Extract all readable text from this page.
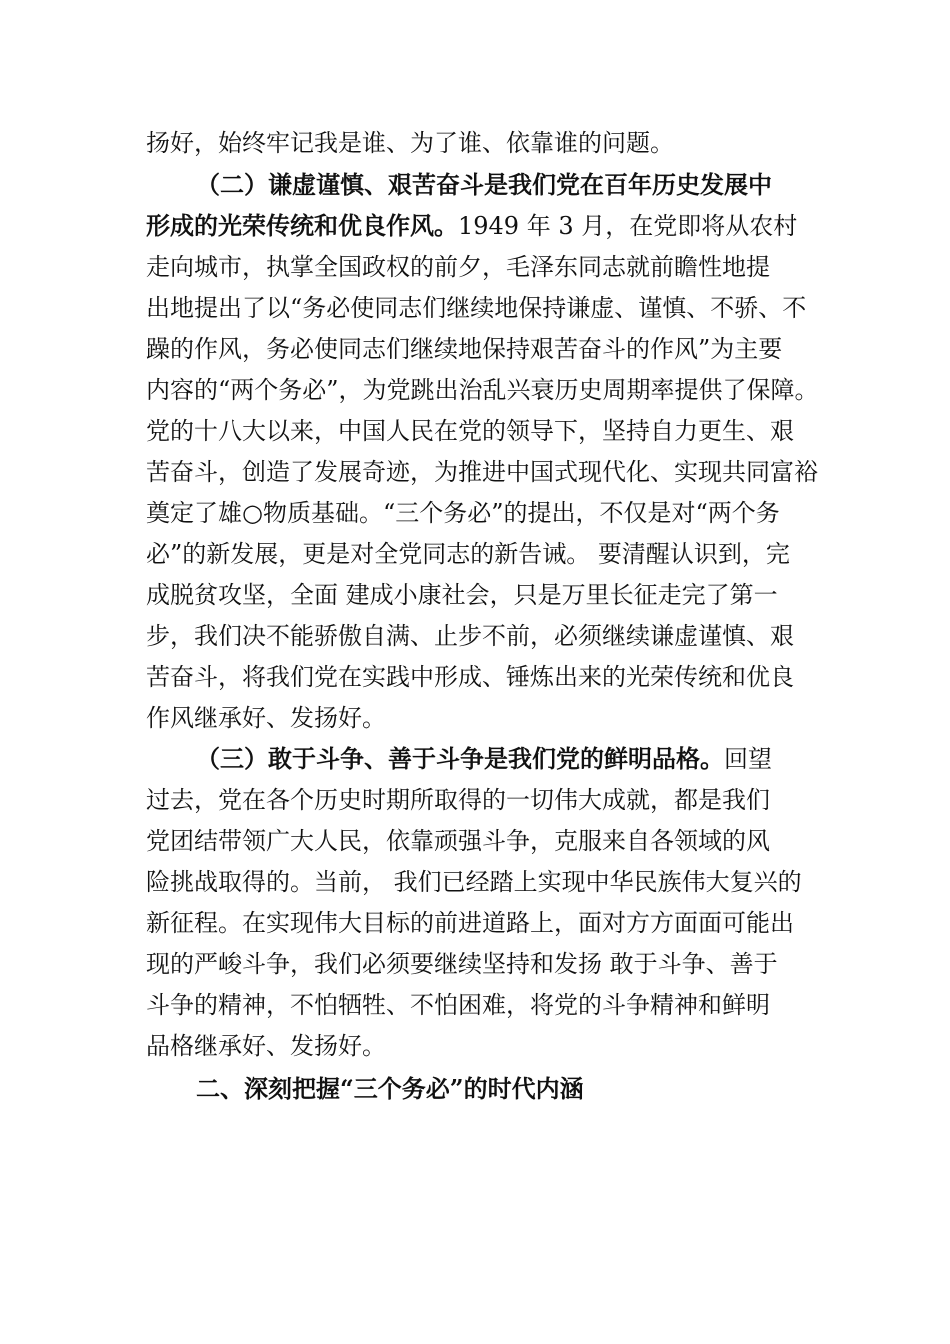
扬好，始终牢记我是谁、为了谁、依靠谁的问题。
（二）谦虚谨慎、艰苦奋斗是我们党在百年历史发展中
形成的光荣传统和优良作风。1949 年 3 月，在党即将从农村
走向城市，执掌全国政权的前夕，毛泽东同志就前瞻性地提
出地提出了以“务必使同志们继续地保持谦虚、谨慎、不骄、不
躁的作风，务必使同志们继续地保持艰苦奋斗的作风”为主要
内容的“两个务必”，为党跳出治乱兴衰历史周期率提供了保障。
党的十八大以来，中国人民在党的领导下，坚持自力更生、艰
苦奋斗，创造了发展奇迹，为推进中国式现代化、实现共同富裕
奠定了雄○物质基础。“三个务必”的提出，不仅是对“两个务
必”的新发展，更是对全党同志的新告诫。 要清醒认识到，完
成脱贫攻坚，全面 建成小康社会，只是万里长征走完了第一
步，我们决不能骄傲自满、止步不前，必须继续谦虚谨慎、艰
苦奋斗，将我们党在实践中形成、锤炼出来的光荣传统和优良
作风继承好、发扬好。
（三）敢于斗争、善于斗争是我们党的鲜明品格。回望
过去，党在各个历史时期所取得的一切伟大成就，都是我们
党团结带领广大人民，依靠顽强斗争，克服来自各领域的风
险挑战取得的。当前， 我们已经踏上实现中华民族伟大复兴的
新征程。在实现伟大目标的前进道路上，面对方方面面可能出
现的严峻斗争，我们必须要继续坚持和发扬 敢于斗争、善于
斗争的精神，不怕牺牲、不怕困难，将党的斗争精神和鲜明
品格继承好、发扬好。
二、深刻把握“三个务必”的时代内涵
